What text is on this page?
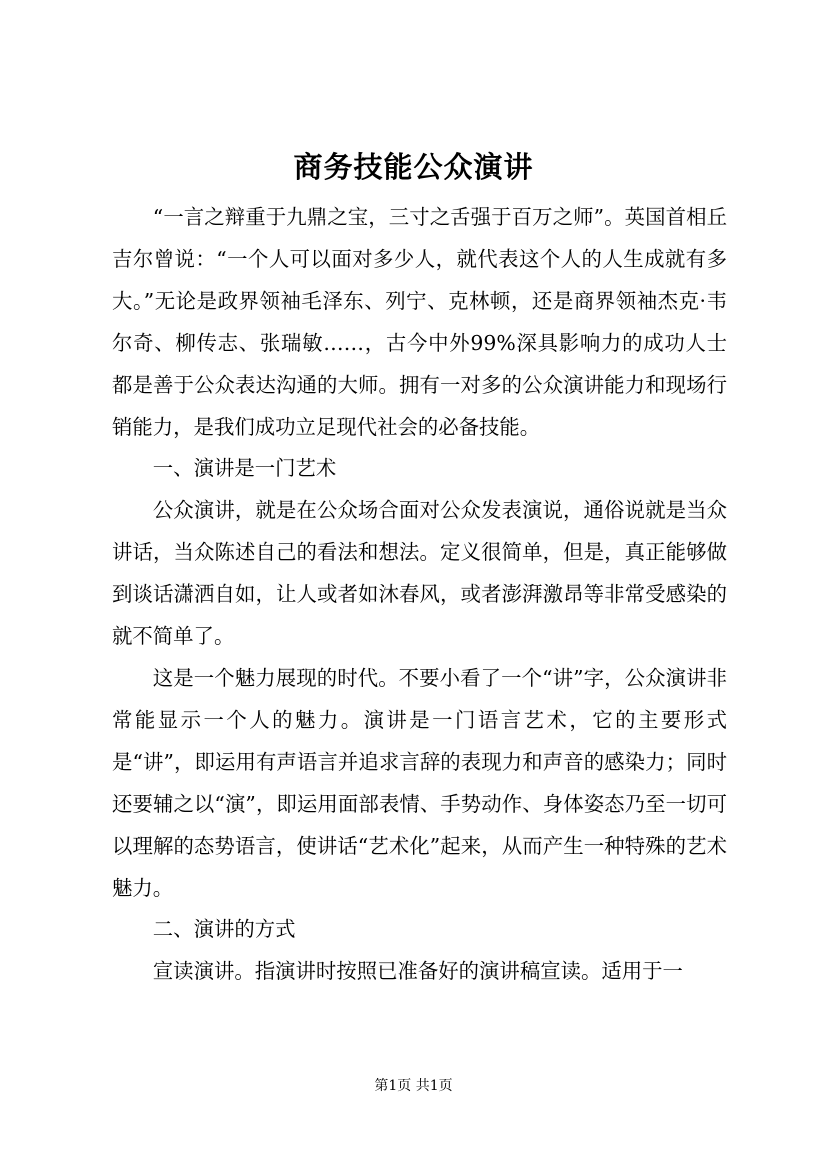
商务技能公众演讲

“一言之辩重于九鼎之宝，三寸之舌强于百万之师”。英国首相丘吉尔曾说：“一个人可以面对多少人，就代表这个人的人生成就有多大。”无论是政界领袖毛泽东、列宁、克林顿，还是商界领袖杰克·韦尔奇、柳传志、张瑞敏……，古今中外99%深具影响力的成功人士都是善于公众表达沟通的大师。拥有一对多的公众演讲能力和现场行销能力，是我们成功立足现代社会的必备技能。

一、演讲是一门艺术

公众演讲，就是在公众场合面对公众发表演说，通俗说就是当众讲话，当众陈述自己的看法和想法。定义很简单，但是，真正能够做到谈话潇洒自如，让人或者如沐春风，或者澎湃激昂等非常受感染的就不简单了。

这是一个魅力展现的时代。不要小看了一个“讲”字，公众演讲非常能显示一个人的魅力。演讲是一门语言艺术，它的主要形式是“讲”，即运用有声语言并追求言辞的表现力和声音的感染力；同时还要辅之以“演”，即运用面部表情、手势动作、身体姿态乃至一切可以理解的态势语言，使讲话“艺术化”起来，从而产生一种特殊的艺术魅力。

二、演讲的方式

宣读演讲。指演讲时按照已准备好的演讲稿宣读。适用于一

第1页 共1页
